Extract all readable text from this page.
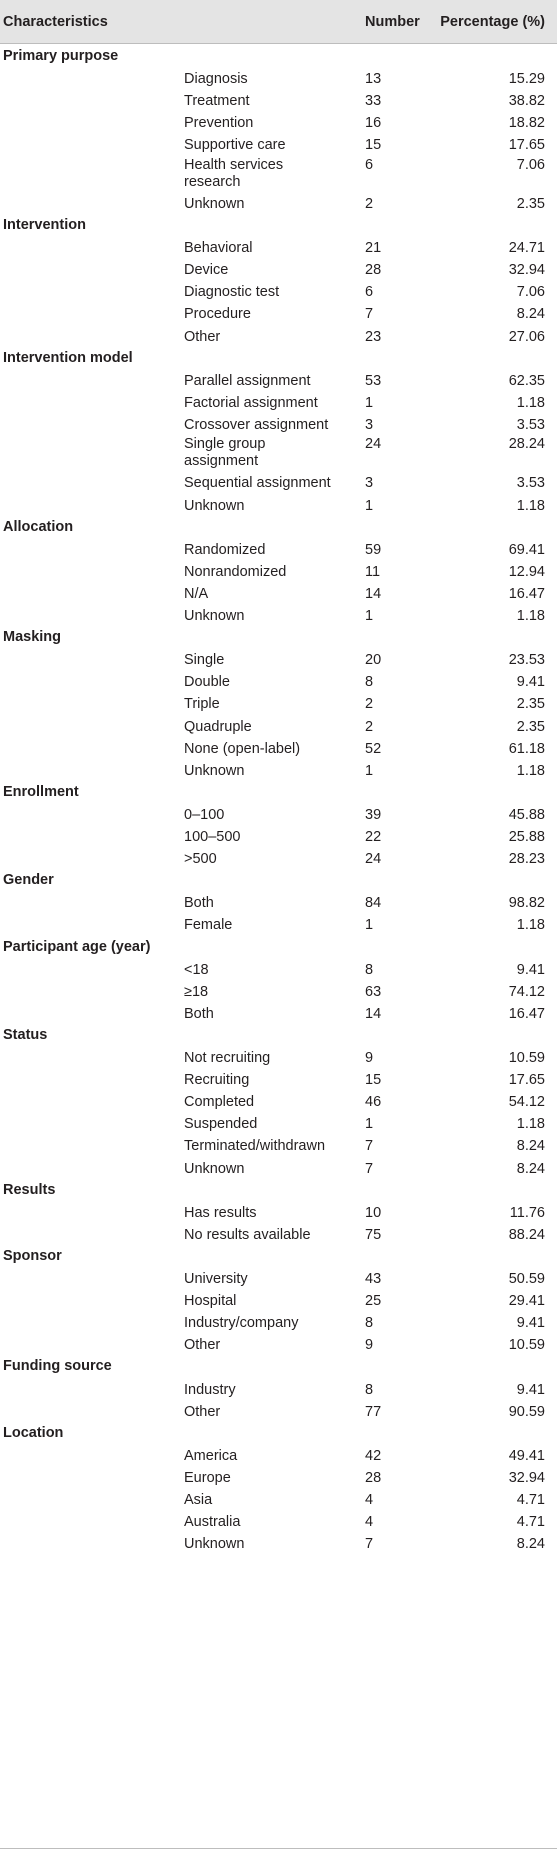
Characteristics	Number Percentage (%)
Primary purpose
Diagnosis	13	15.29
Treatment	33	38.82
Prevention	16	18.82
Supportive care	15	17.65
Health services research
6	7.06
Unknown	2	2.35
Intervention
Behavioral	21	24.71
Device	28	32.94
Diagnostic test	6	7.06
Procedure	7	8.24
Other	23	27.06
Intervention model
Parallel assignment	53	62.35
Factorial assignment	1	1.18
Crossover assignment	3	3.53
Single group assignment
24	28.24
Sequential assignment 3	3.53
Unknown	1	1.18
Allocation
Randomized	59	69.41
Nonrandomized	11	12.94
N/A	14	16.47
Unknown	1	1.18
Masking
Single	20	23.53
Double	8	9.41
Triple	2	2.35
Quadruple	2	2.35
None (open-label)	52	61.18
Unknown	1	1.18
Enrollment
0–100	39	45.88
100–500	22	25.88
>500	24	28.23
Gender
Both	84	98.82
Female	1	1.18
Participant age (year)
<18	8	9.41
≥18	63	74.12
Both	14	16.47
Status
Not recruiting	9	10.59
Recruiting	15	17.65
Completed	46	54.12
Suspended	1	1.18
Terminated/withdrawn	7	8.24
Unknown	7	8.24
Results
Has results	10	11.76
No results available	75	88.24
Sponsor
University	43	50.59
Hospital	25	29.41
Industry/company	8	9.41
Other	9	10.59
Funding source
Industry	8	9.41
Other	77	90.59
Location
America	42	49.41
Europe	28	32.94
Asia	4	4.71
Australia	4	4.71
Unknown	7	8.24
